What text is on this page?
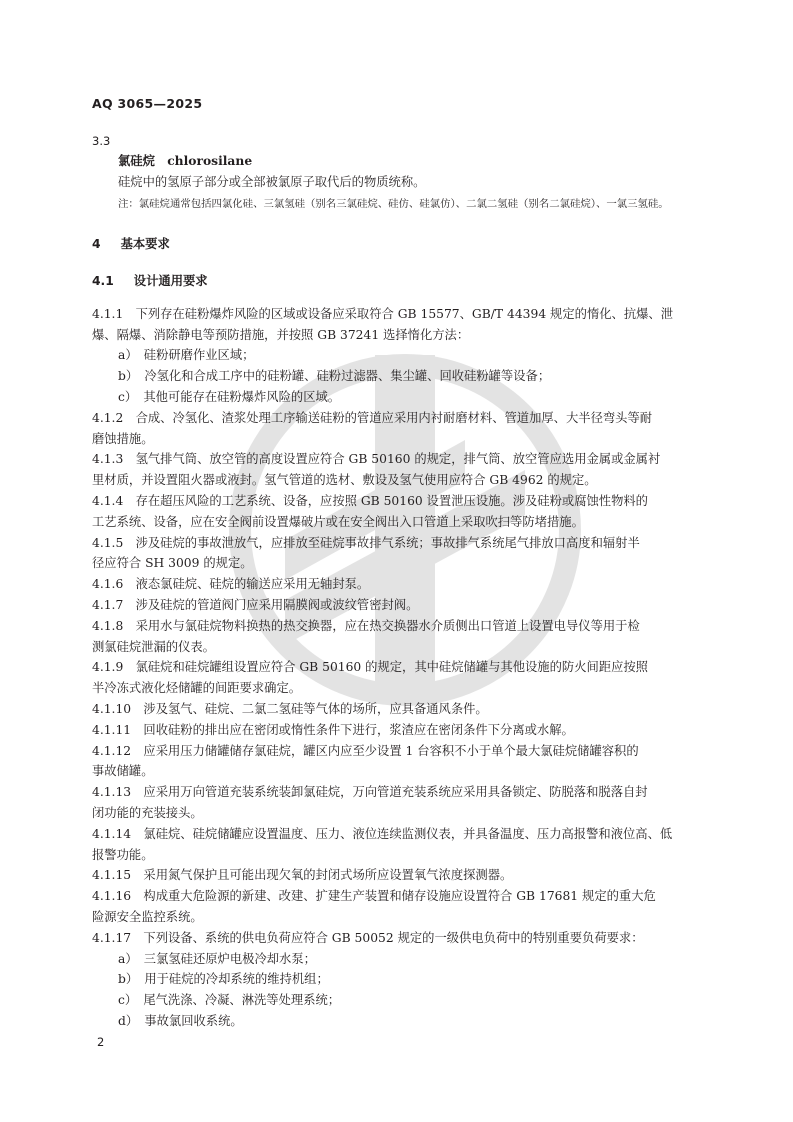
AQ 3065—2025
3.3
氯硅烷　chlorosilane
硅烷中的氢原子部分或全部被氯原子取代后的物质统称。
注：氯硅烷通常包括四氯化硅、三氯氢硅（别名三氯硅烷、硅仿、硅氯仿）、二氯二氢硅（别名二氯硅烷）、一氯三氢硅。
4 基本要求
4.1 设计通用要求
4.1.1　下列存在硅粉爆炸风险的区域或设备应采取符合 GB 15577、GB/T 44394 规定的惰化、抗爆、泄
爆、隔爆、消除静电等预防措施，并按照 GB 37241 选择惰化方法：
a）　硅粉研磨作业区域；
b）　冷氢化和合成工序中的硅粉罐、硅粉过滤器、集尘罐、回收硅粉罐等设备；
c）　其他可能存在硅粉爆炸风险的区域。
4.1.2　合成、冷氢化、渣浆处理工序输送硅粉的管道应采用内衬耐磨材料、管道加厚、大半径弯头等耐
磨蚀措施。
4.1.3　氢气排气筒、放空管的高度设置应符合 GB 50160 的规定，排气筒、放空管应选用金属或金属衬
里材质，并设置阻火器或液封。氢气管道的选材、敷设及氢气使用应符合 GB 4962 的规定。
4.1.4　存在超压风险的工艺系统、设备，应按照 GB 50160 设置泄压设施。涉及硅粉或腐蚀性物料的
工艺系统、设备，应在安全阀前设置爆破片或在安全阀出入口管道上采取吹扫等防堵措施。
4.1.5　涉及硅烷的事故泄放气，应排放至硅烷事故排气系统；事故排气系统尾气排放口高度和辐射半
径应符合 SH 3009 的规定。
4.1.6　液态氯硅烷、硅烷的输送应采用无轴封泵。
4.1.7　涉及硅烷的管道阀门应采用隔膜阀或波纹管密封阀。
4.1.8　采用水与氯硅烷物料换热的热交换器，应在热交换器水介质侧出口管道上设置电导仪等用于检
测氯硅烷泄漏的仪表。
4.1.9　氯硅烷和硅烷罐组设置应符合 GB 50160 的规定，其中硅烷储罐与其他设施的防火间距应按照
半冷冻式液化烃储罐的间距要求确定。
4.1.10　涉及氢气、硅烷、二氯二氢硅等气体的场所，应具备通风条件。
4.1.11　回收硅粉的排出应在密闭或惰性条件下进行，浆渣应在密闭条件下分离或水解。
4.1.12　应采用压力储罐储存氯硅烷，罐区内应至少设置 1 台容积不小于单个最大氯硅烷储罐容积的
事故储罐。
4.1.13　应采用万向管道充装系统装卸氯硅烷，万向管道充装系统应采用具备锁定、防脱落和脱落自封
闭功能的充装接头。
4.1.14　氯硅烷、硅烷储罐应设置温度、压力、液位连续监测仪表，并具备温度、压力高报警和液位高、低
报警功能。
4.1.15　采用氮气保护且可能出现欠氧的封闭式场所应设置氧气浓度探测器。
4.1.16　构成重大危险源的新建、改建、扩建生产装置和储存设施应设置符合 GB 17681 规定的重大危
险源安全监控系统。
4.1.17　下列设备、系统的供电负荷应符合 GB 50052 规定的一级供电负荷中的特别重要负荷要求：
a）　三氯氢硅还原炉电极冷却水泵；
b）　用于硅烷的冷却系统的维持机组；
c）　尾气洗涤、冷凝、淋洗等处理系统；
d）　事故氯回收系统。
2
